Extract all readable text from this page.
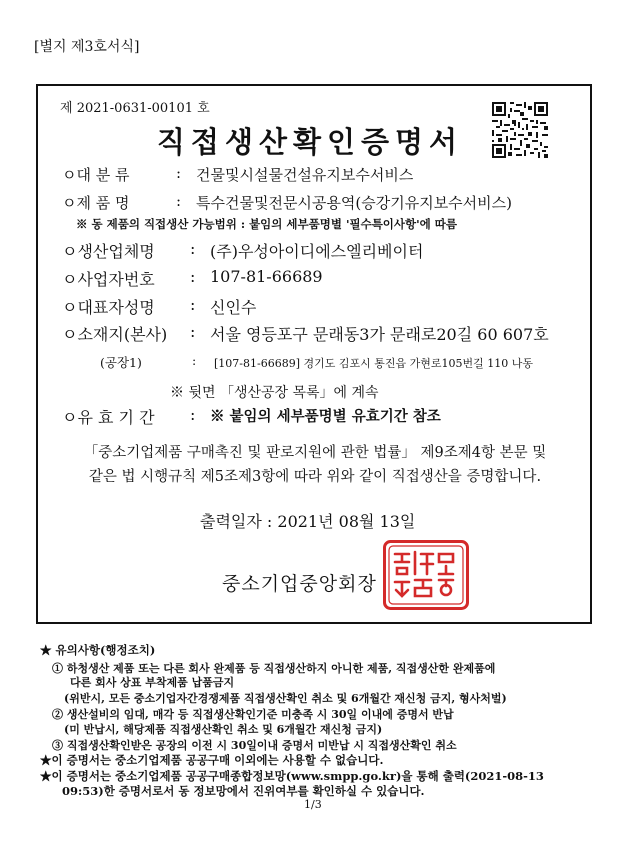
[별지 제3호서식]
제 2021-0631-00101 호
직접생산확인증명서
ㅇ대 분 류	: 건물및시설물건설유지보수서비스
ㅇ제 품 명	: 특수건물및전문시공용역(승강기유지보수서비스)
※ 동 제품의 직접생산 가능범위 : 붙임의 세부품명별 '필수특이사항'에 따름
ㅇ생산업체명 : (주)우성아이디에스엘리베이터
ㅇ사업자번호 : 107-81-66689
ㅇ대표자성명 : 신인수
ㅇ소재지(본사) : 서울 영등포구 문래동3가 문래로20길 60 607호
(공장1)	: [107-81-66689] 경기도 김포시 통진읍 가현로105번길 110 나동
※ 뒷면 「생산공장 목록」에 계속
ㅇ유 효 기 간 : ※ 붙임의 세부품명별 유효기간 참조
「중소기업제품 구매촉진 및 판로지원에 관한 법률」 제9조제4항 본문 및
같은 법 시행규칙 제5조제3항에 따라 위와 같이 직접생산을 증명합니다.
출력일자 : 2021년 08월 13일
중소기업중앙회장
★ 유의사항(행정조치)
① 하청생산 제품 또는 다른 회사 완제품 등 직접생산하지 아니한 제품, 직접생산한 완제품에
다른 회사 상표 부착제품 납품금지
(위반시, 모든 중소기업자간경쟁제품 직접생산확인 취소 및 6개월간 재신청 금지, 형사처벌)
② 생산설비의 임대, 매각 등 직접생산확인기준 미충족 시 30일 이내에 증명서 반납
(미 반납시, 해당제품 직접생산확인 취소 및 6개월간 재신청 금지)
③ 직접생산확인받은 공장의 이전 시 30일이내 증명서 미반납 시 직접생산확인 취소
★이 증명서는 중소기업제품 공공구매 이외에는 사용할 수 없습니다.
★이 증명서는 중소기업제품 공공구매종합정보망(www.smpp.go.kr)을 통해 출력(2021-08-13
09:53)한 증명서로서 동 정보망에서 진위여부를 확인하실 수 있습니다.
1/3
